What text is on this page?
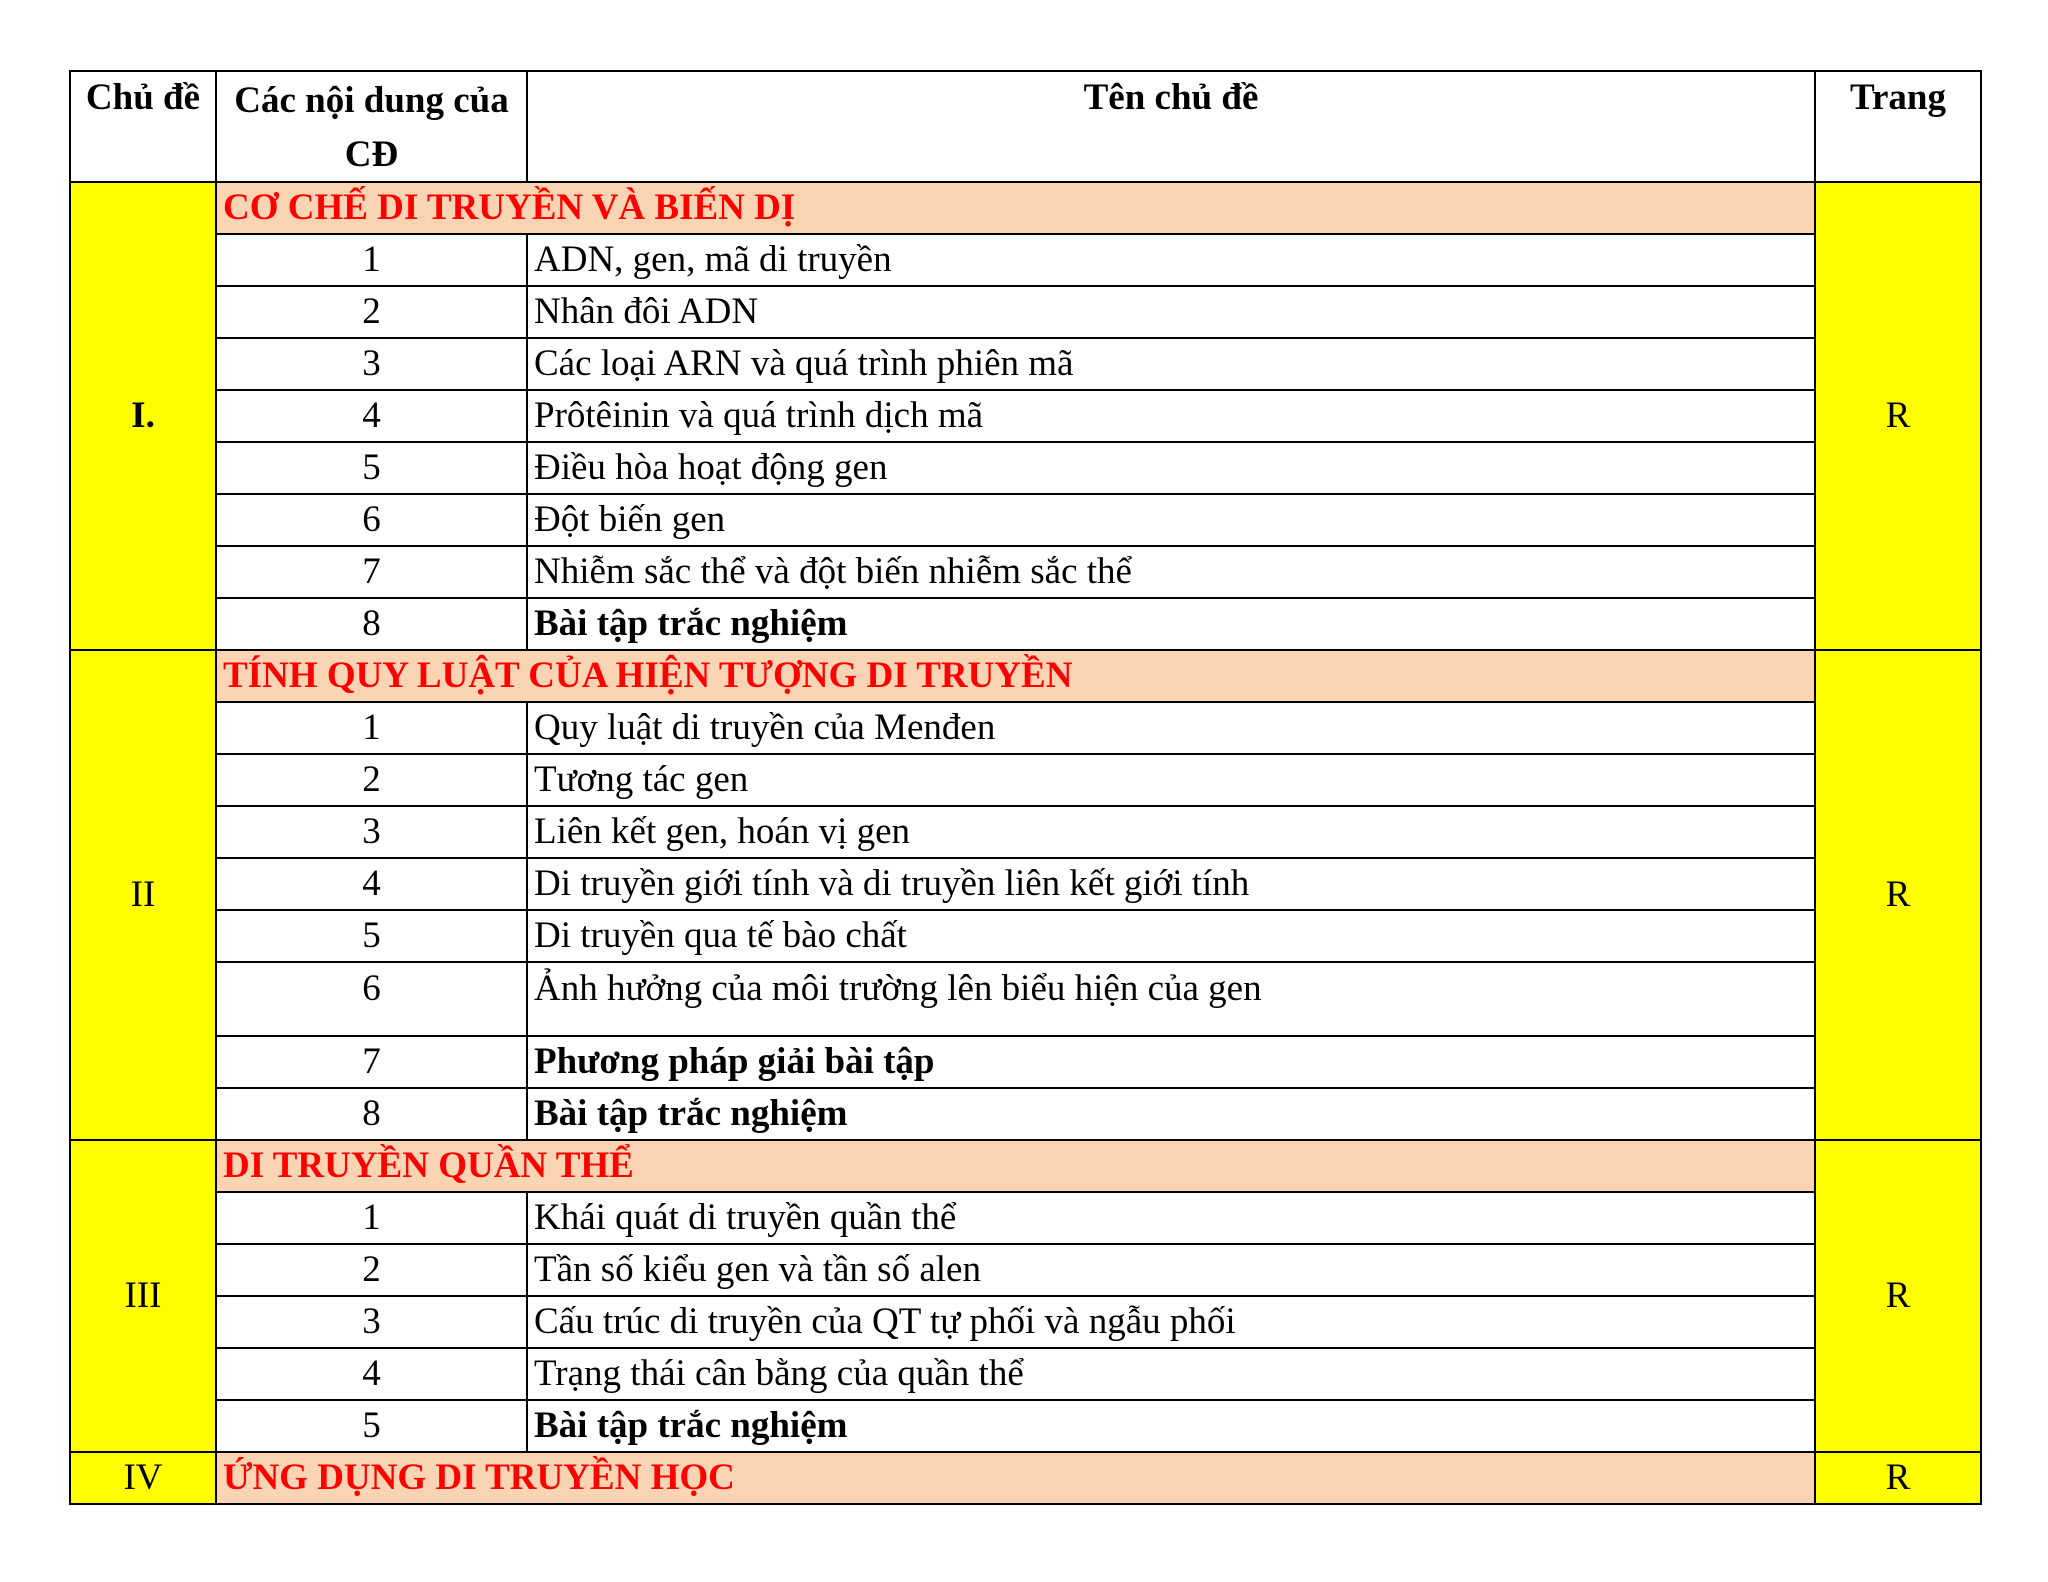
Chủ đề	Các nội dung của CĐ	Tên chủ đề	Trang
I.	CƠ CHẾ DI TRUYỀN VÀ BIẾN DỊ		R
	1	ADN, gen, mã di truyền	
	2	Nhân đôi ADN	
	3	Các loại ARN và quá trình phiên mã	
	4	Prôtêinin và quá trình dịch mã	
	5	Điều hòa hoạt động gen	
	6	Đột biến gen	
	7	Nhiễm sắc thể và đột biến nhiễm sắc thể	
	8	Bài tập trắc nghiệm	
II	TÍNH QUY LUẬT CỦA HIỆN TƯỢNG DI TRUYỀN		R
	1	Quy luật di truyền của Menđen	
	2	Tương tác gen	
	3	Liên kết gen, hoán vị gen	
	4	Di truyền giới tính và di truyền liên kết giới tính	
	5	Di truyền qua tế bào chất	
	6	Ảnh hưởng của môi trường lên biểu hiện của gen	
	7	Phương pháp giải bài tập	
	8	Bài tập trắc nghiệm	
III	DI TRUYỀN QUẦN THỂ		R
	1	Khái quát di truyền quần thể	
	2	Tần số kiểu gen và tần số alen	
	3	Cấu trúc di truyền của QT tự phối và ngẫu phối	
	4	Trạng thái cân bằng của quần thể	
	5	Bài tập trắc nghiệm	
IV	ỨNG DỤNG DI TRUYỀN HỌC		R
